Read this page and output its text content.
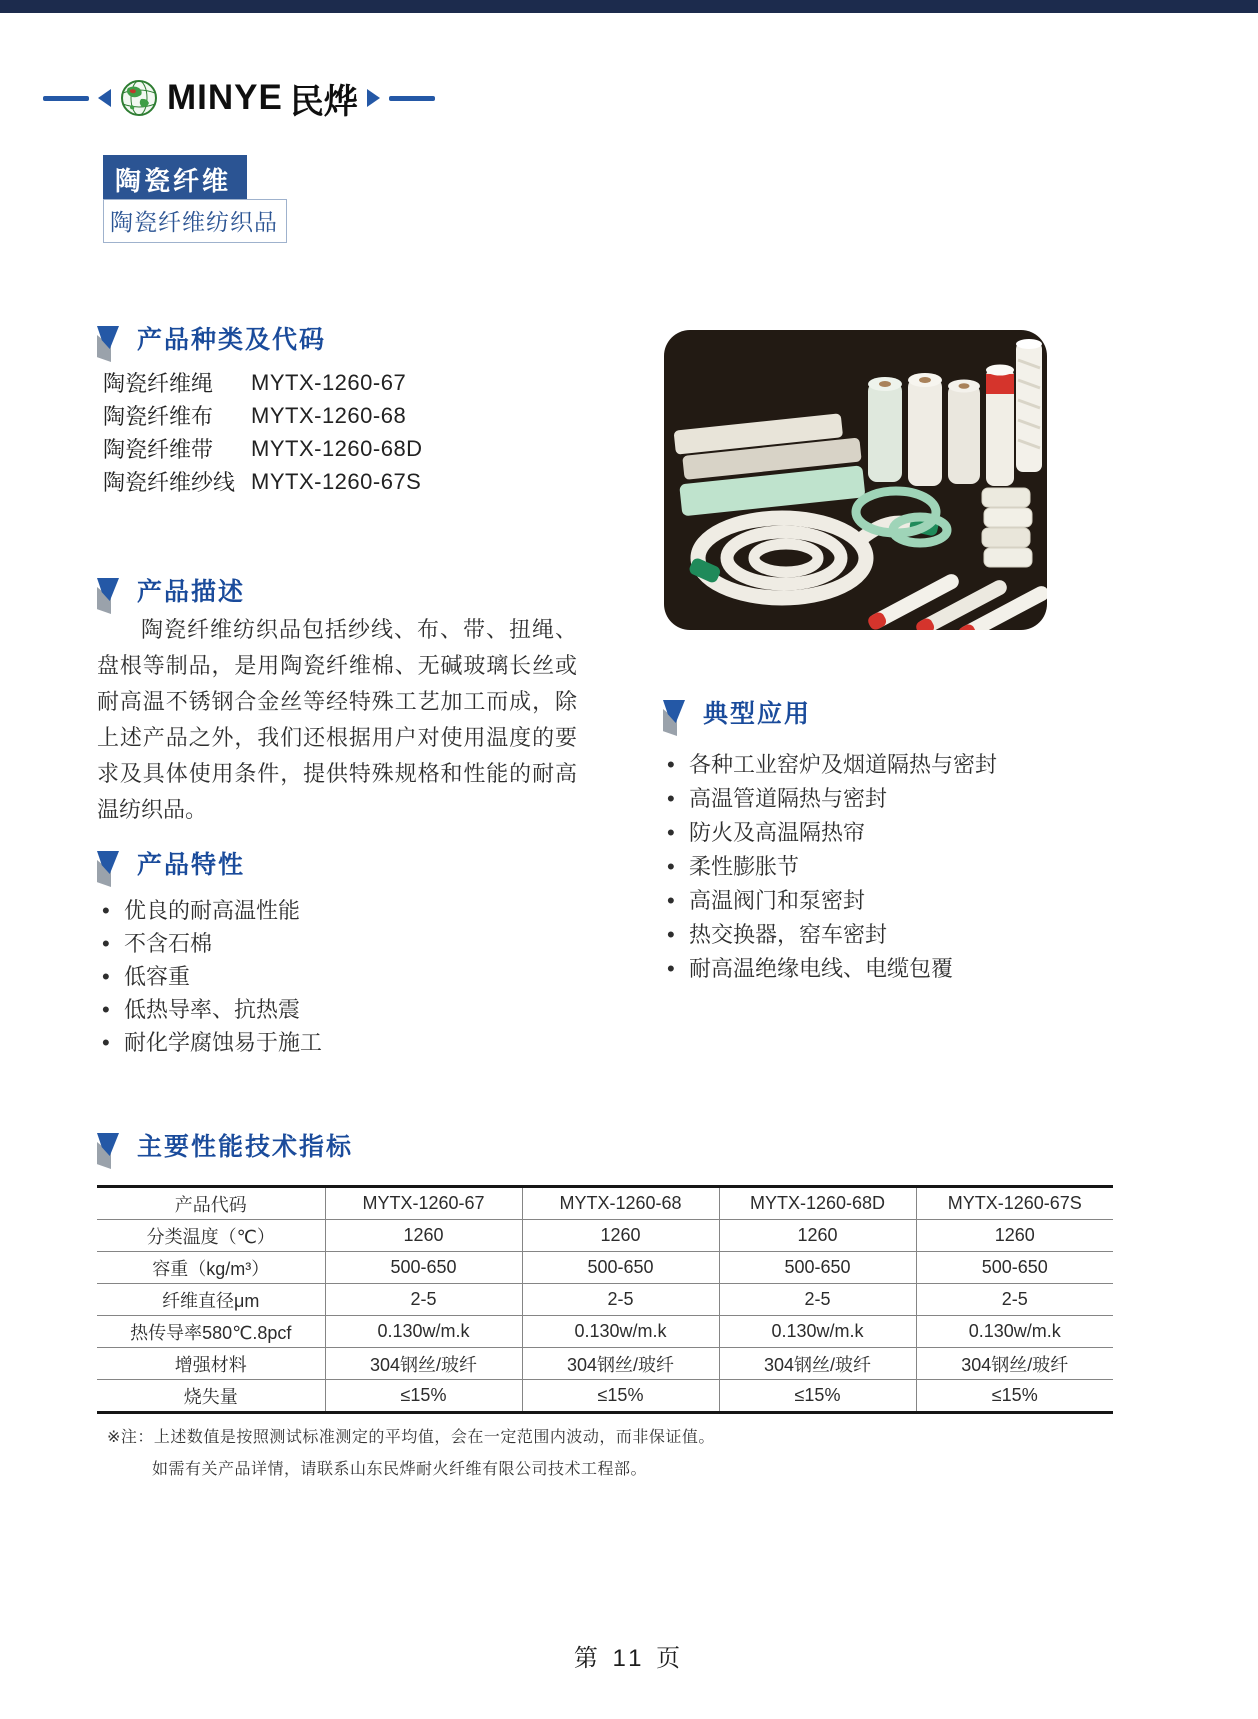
MINYE 民烨
陶瓷纤维
陶瓷纤维纺织品
产品种类及代码
陶瓷纤维绳	MYTX-1260-67
陶瓷纤维布	MYTX-1260-68
陶瓷纤维带	MYTX-1260-68D
陶瓷纤维纱线 MYTX-1260-67S
产品描述

陶瓷纤维纺织品包括纱线、布、带、扭绳、盘根等制品，是用陶瓷纤维棉、无碱玻璃长丝或耐高温不锈钢合金丝等经特殊工艺加工而成，除上述产品之外，我们还根据用户对使用温度的要求及具体使用条件，提供特殊规格和性能的耐高温纺织品。

典型应用
• 各种工业窑炉及烟道隔热与密封
• 高温管道隔热与密封
• 防火及高温隔热帘
• 柔性膨胀节
• 高温阀门和泵密封
• 热交换器，窑车密封
• 耐高温绝缘电线、电缆包覆
产品特性
• 优良的耐高温性能
• 不含石棉
• 低容重
• 低热导率、抗热震
• 耐化学腐蚀易于施工
主要性能技术指标
产品代码	MYTX-1260-67	MYTX-1260-68	MYTX-1260-68D	MYTX-1260-67S
分类温度（℃）	1260	1260	1260	1260
容重（kg/m³）	500-650	500-650	500-650	500-650
纤维直径μm	2-5	2-5	2-5	2-5
热传导率580℃.8pcf	0.130w/m.k	0.130w/m.k	0.130w/m.k	0.130w/m.k
增强材料	304钢丝/玻纤	304钢丝/玻纤	304钢丝/玻纤	304钢丝/玻纤
烧失量	≤15%	≤15%	≤15%	≤15%
※注：上述数值是按照测试标准测定的平均值，会在一定范围内波动，而非保证值。
如需有关产品详情，请联系山东民烨耐火纤维有限公司技术工程部。
第 11 页
